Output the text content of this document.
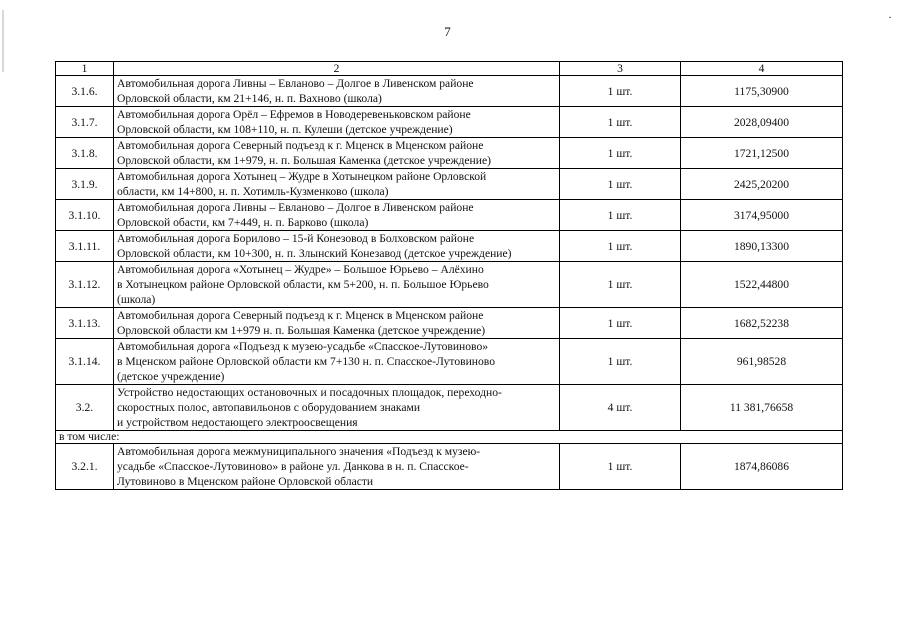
·
7
1	2	3	4
3.1.6.	Автомобильная дорога Ливны – Евланово – Долгое в Ливенском районе
Орловской области, км 21+146, н. п. Вахново (школа)	1 шт.	1175,30900
3.1.7.	Автомобильная дорога Орёл – Ефремов в Новодеревеньковском районе
Орловской области, км 108+110, н. п. Кулеши (детское учреждение)	1 шт.	2028,09400
3.1.8.	Автомобильная дорога Северный подъезд к г. Мценск в Мценском районе
Орловской области, км 1+979, н. п. Большая Каменка (детское учреждение)	1 шт.	1721,12500
3.1.9.	Автомобильная дорога Хотынец – Жудре в Хотынецком районе Орловской
области, км 14+800, н. п. Хотимль-Кузменково (школа)	1 шт.	2425,20200
3.1.10.	Автомобильная дорога Ливны – Евланово – Долгое в Ливенском районе
Орловской обасти, км 7+449, н. п. Барково (школа)	1 шт.	3174,95000
3.1.11.	Автомобильная дорога Борилово – 15-й Конезовод в Болховском районе
Орловской области, км 10+300, н. п. Злынский Конезавод (детское учреждение)	1 шт.	1890,13300
3.1.12.	Автомобильная дорога «Хотынец – Жудре» – Большое Юрьево – Алёхино
в Хотынецком районе Орловской области, км 5+200, н. п. Большое Юрьево
(школа)	1 шт.	1522,44800
3.1.13.	Автомобильная дорога Северный подъезд к г. Мценск в Мценском районе
Орловской области км 1+979 н. п. Большая Каменка (детское учреждение)	1 шт.	1682,52238
3.1.14.	Автомобильная дорога «Подъезд к музею-усадьбе «Спасское-Лутовиново»
в Мценском районе Орловской области км 7+130 н. п. Спасское-Лутовиново
(детское учреждение)	1 шт.	961,98528
3.2.	Устройство недостающих остановочных и посадочных площадок, переходно-
скоростных полос, автопавильонов с оборудованием знаками
и устройством недостающего электроосвещения	4 шт.	11 381,76658
в том числе:			
3.2.1.	Автомобильная дорога межмуниципального значения «Подъезд к музею-
усадьбе «Спасское-Лутовиново» в районе ул. Данкова в н. п. Спасское-
Лутовиново в Мценском районе Орловской области	1 шт.	1874,86086
